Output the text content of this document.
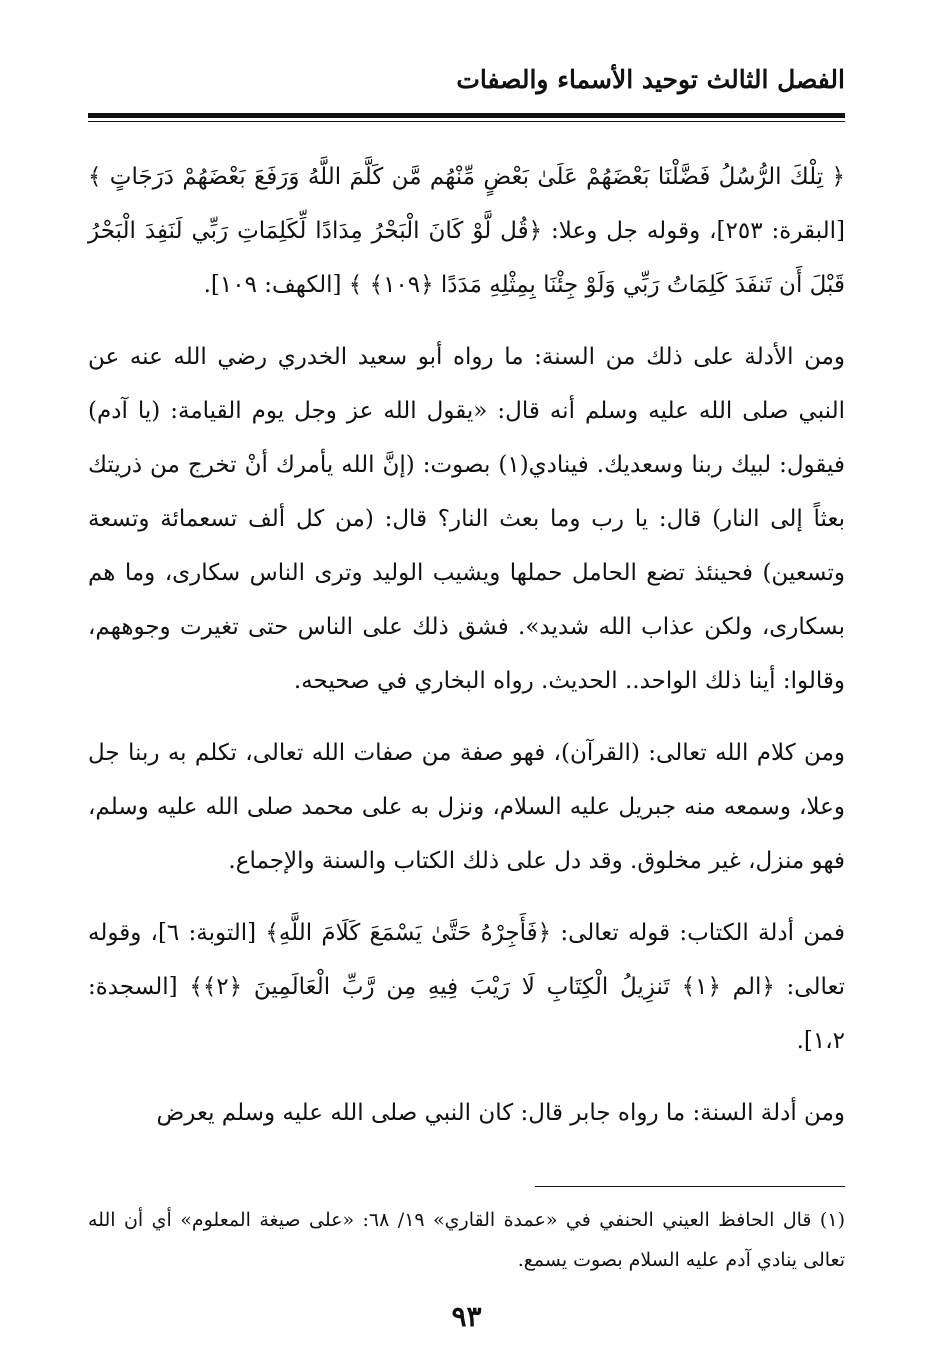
الفصل الثالث توحيد الأسماء والصفات

﴿ تِلْكَ الرُّسُلُ فَضَّلْنَا بَعْضَهُمْ عَلَىٰ بَعْضٍ مِّنْهُم مَّن كَلَّمَ اللَّهُ وَرَفَعَ بَعْضَهُمْ دَرَجَاتٍ ﴾ [البقرة: ٢٥٣]، وقوله جل وعلا: ﴿قُل لَّوْ كَانَ الْبَحْرُ مِدَادًا لِّكَلِمَاتِ رَبِّي لَنَفِدَ الْبَحْرُ قَبْلَ أَن تَنفَدَ كَلِمَاتُ رَبِّي وَلَوْ جِئْنَا بِمِثْلِهِ مَدَدًا ﴿١٠٩﴾ ﴾ [الكهف: ١٠٩].

ومن الأدلة على ذلك من السنة: ما رواه أبو سعيد الخدري رضي الله عنه عن النبي صلى الله عليه وسلم أنه قال: «يقول الله عز وجل يوم القيامة: (يا آدم) فيقول: لبيك ربنا وسعديك. فينادي(١) بصوت: (إنَّ الله يأمرك أنْ تخرج من ذريتك بعثاً إلى النار) قال: يا رب وما بعث النار؟ قال: (من كل ألف تسعمائة وتسعة وتسعين) فحينئذ تضع الحامل حملها ويشيب الوليد وترى الناس سكارى، وما هم بسكارى، ولكن عذاب الله شديد». فشق ذلك على الناس حتى تغيرت وجوههم، وقالوا: أينا ذلك الواحد.. الحديث. رواه البخاري في صحيحه.

ومن كلام الله تعالى: (القرآن)، فهو صفة من صفات الله تعالى، تكلم به ربنا جل وعلا، وسمعه منه جبريل عليه السلام، ونزل به على محمد صلى الله عليه وسلم، فهو منزل، غير مخلوق. وقد دل على ذلك الكتاب والسنة والإجماع.

فمن أدلة الكتاب: قوله تعالى: ﴿فَأَجِرْهُ حَتَّىٰ يَسْمَعَ كَلَامَ اللَّهِ﴾ [التوبة: ٦]، وقوله تعالى: ﴿الم ﴿١﴾ تَنزِيلُ الْكِتَابِ لَا رَيْبَ فِيهِ مِن رَّبِّ الْعَالَمِينَ ﴿٢﴾﴾ [السجدة: ١،٢].

ومن أدلة السنة: ما رواه جابر قال: كان النبي صلى الله عليه وسلم يعرض

(١) قال الحافظ العيني الحنفي في «عمدة القاري» ١٩/ ٦٨: «على صيغة المعلوم» أي أن الله تعالى ينادي آدم عليه السلام بصوت يسمع.

٩٣
